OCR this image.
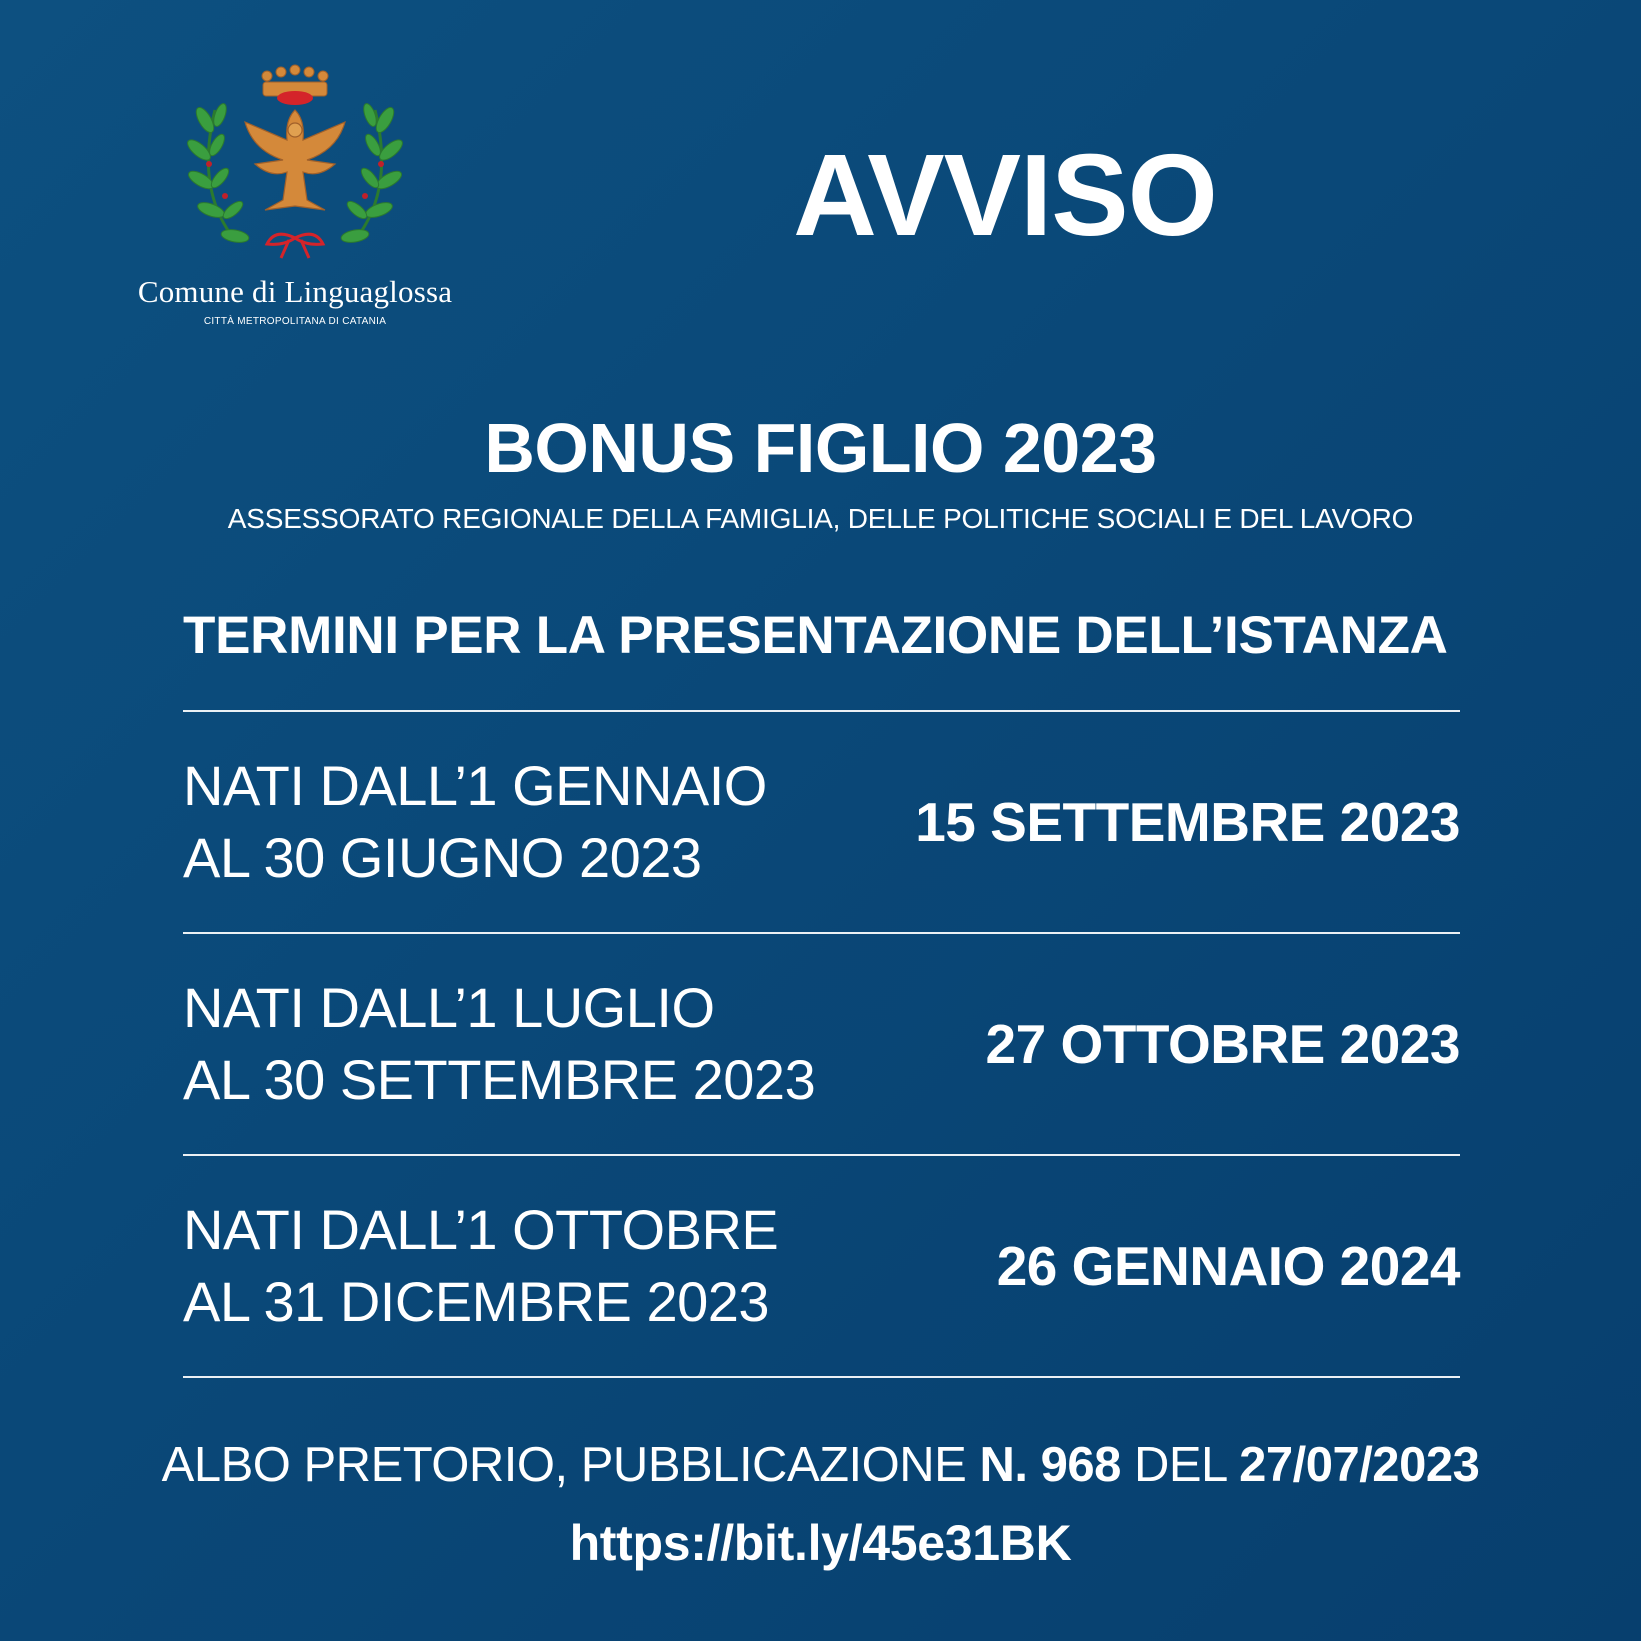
Comune di Linguaglossa
CITTÀ METROPOLITANA DI CATANIA
AVVISO
BONUS FIGLIO 2023
ASSESSORATO REGIONALE DELLA FAMIGLIA, DELLE POLITICHE SOCIALI E DEL LAVORO
TERMINI PER LA PRESENTAZIONE DELL’ISTANZA
NATI DALL’1 GENNAIO
AL 30 GIUGNO 2023
15 SETTEMBRE 2023
NATI DALL’1 LUGLIO
AL 30 SETTEMBRE 2023
27 OTTOBRE 2023
NATI DALL’1 OTTOBRE
AL 31 DICEMBRE 2023
26 GENNAIO 2024
ALBO PRETORIO, PUBBLICAZIONE N. 968 DEL 27/07/2023
https://bit.ly/45e31BK
